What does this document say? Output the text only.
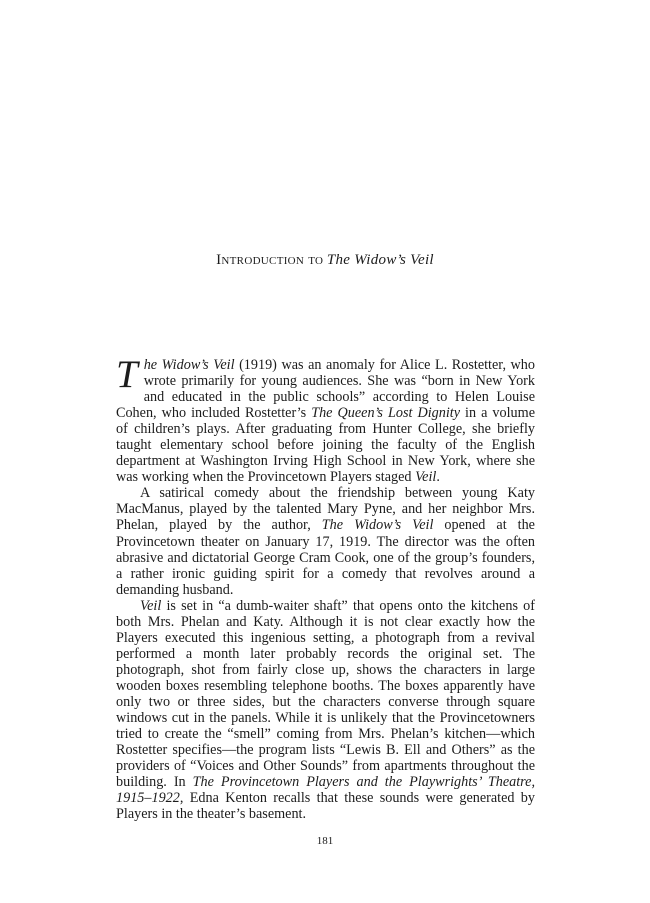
Introduction to The Widow’s Veil

The Widow’s Veil (1919) was an anomaly for Alice L. Rostetter, who wrote primarily for young audiences. She was “born in New York and educated in the public schools” according to Helen Louise Cohen, who included Rostetter’s The Queen’s Lost Dignity in a volume of children’s plays. After graduating from Hunter College, she briefly taught elementary school before joining the faculty of the English department at Washington Irving High School in New York, where she was working when the Provincetown Players staged Veil.

A satirical comedy about the friendship between young Katy MacManus, played by the talented Mary Pyne, and her neighbor Mrs. Phelan, played by the author, The Widow’s Veil opened at the Provincetown theater on January 17, 1919. The director was the often abrasive and dictatorial George Cram Cook, one of the group’s founders, a rather ironic guiding spirit for a comedy that revolves around a demanding husband.

Veil is set in “a dumb-waiter shaft” that opens onto the kitchens of both Mrs. Phelan and Katy. Although it is not clear exactly how the Players executed this ingenious setting, a photograph from a revival performed a month later probably records the original set. The photograph, shot from fairly close up, shows the characters in large wooden boxes resembling telephone booths. The boxes apparently have only two or three sides, but the characters converse through square windows cut in the panels. While it is unlikely that the Provincetowners tried to create the “smell” coming from Mrs. Phelan’s kitchen—which Rostetter specifies—the program lists “Lewis B. Ell and Others” as the providers of “Voices and Other Sounds” from apartments throughout the building. In The Provincetown Players and the Playwrights’ Theatre, 1915–1922, Edna Kenton recalls that these sounds were generated by Players in the theater’s basement.

181
